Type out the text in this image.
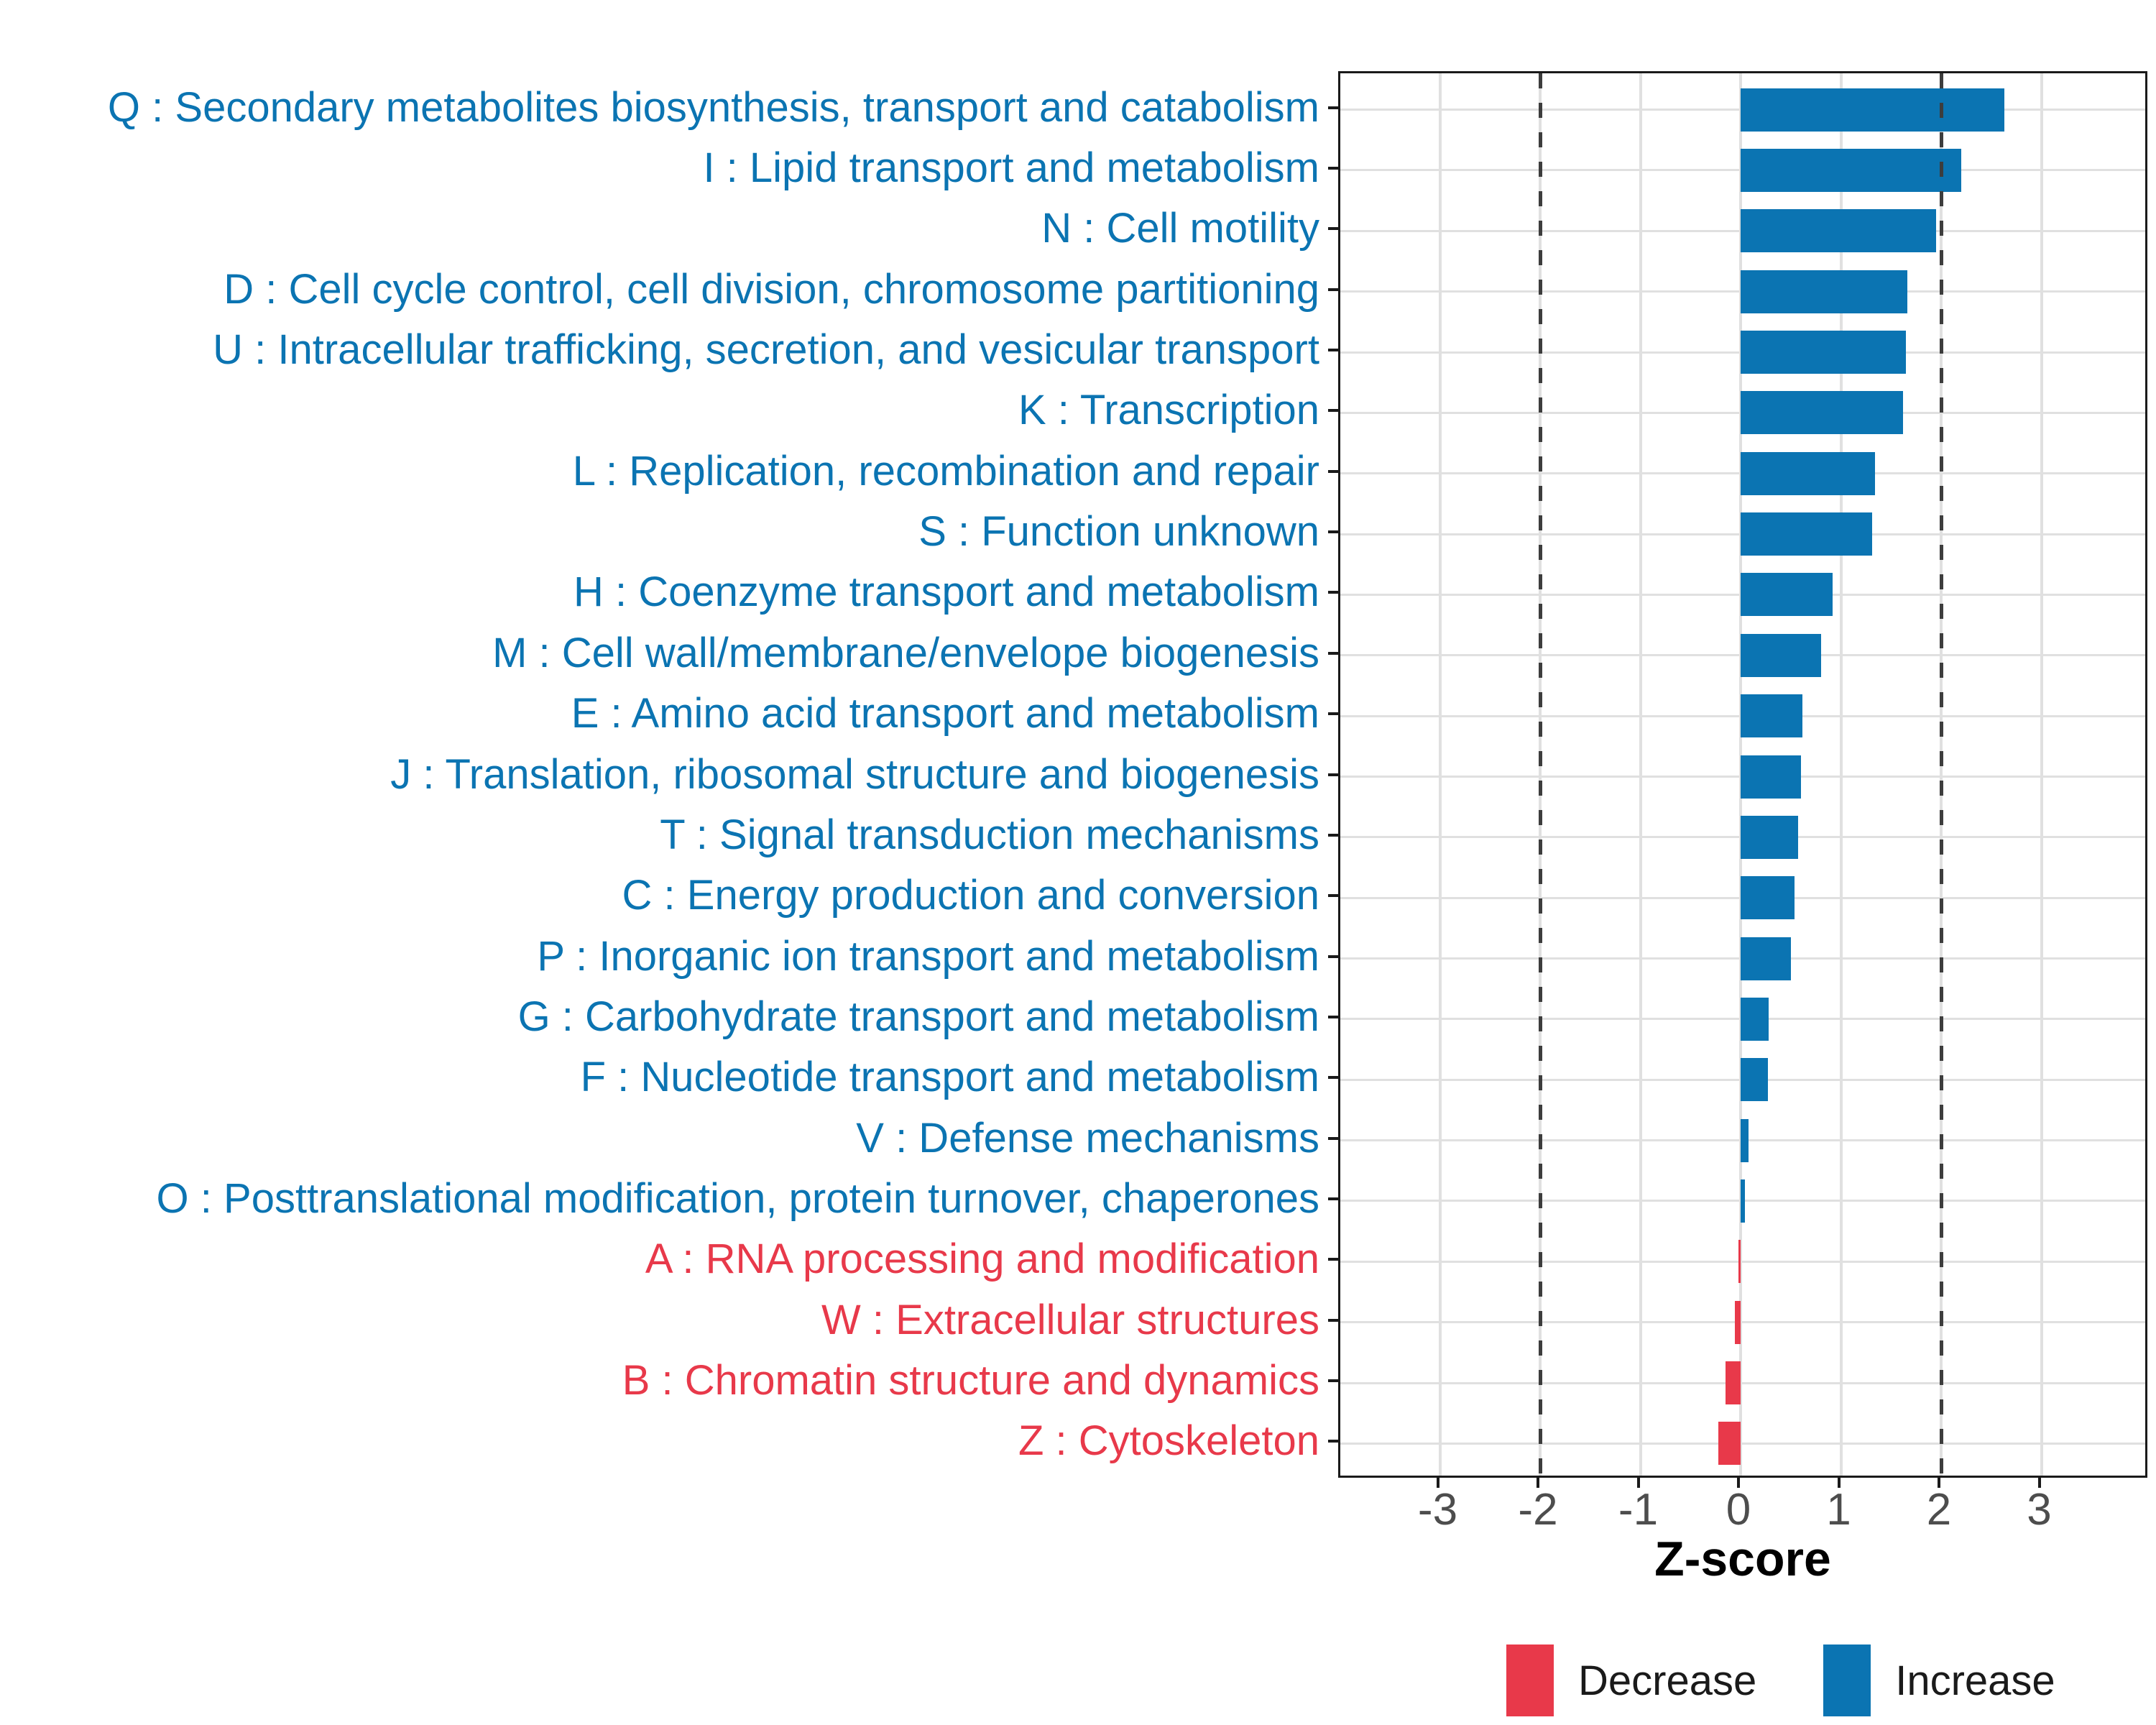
Q : Secondary metabolites biosynthesis, transport and catabolism
I : Lipid transport and metabolism
N : Cell motility
D : Cell cycle control, cell division, chromosome partitioning
U : Intracellular trafficking, secretion, and vesicular transport
K : Transcription
L : Replication, recombination and repair
S : Function unknown
H : Coenzyme transport and metabolism
M : Cell wall/membrane/envelope biogenesis
E : Amino acid transport and metabolism
J : Translation, ribosomal structure and biogenesis
T : Signal transduction mechanisms
C : Energy production and conversion
P : Inorganic ion transport and metabolism
G : Carbohydrate transport and metabolism
F : Nucleotide transport and metabolism
V : Defense mechanisms
O : Posttranslational modification, protein turnover, chaperones
A : RNA processing and modification
W : Extracellular structures
B : Chromatin structure and dynamics
Z : Cytoskeleton
-3	-2	-1	0	1	2	3
Z-score
Decrease	Increase
